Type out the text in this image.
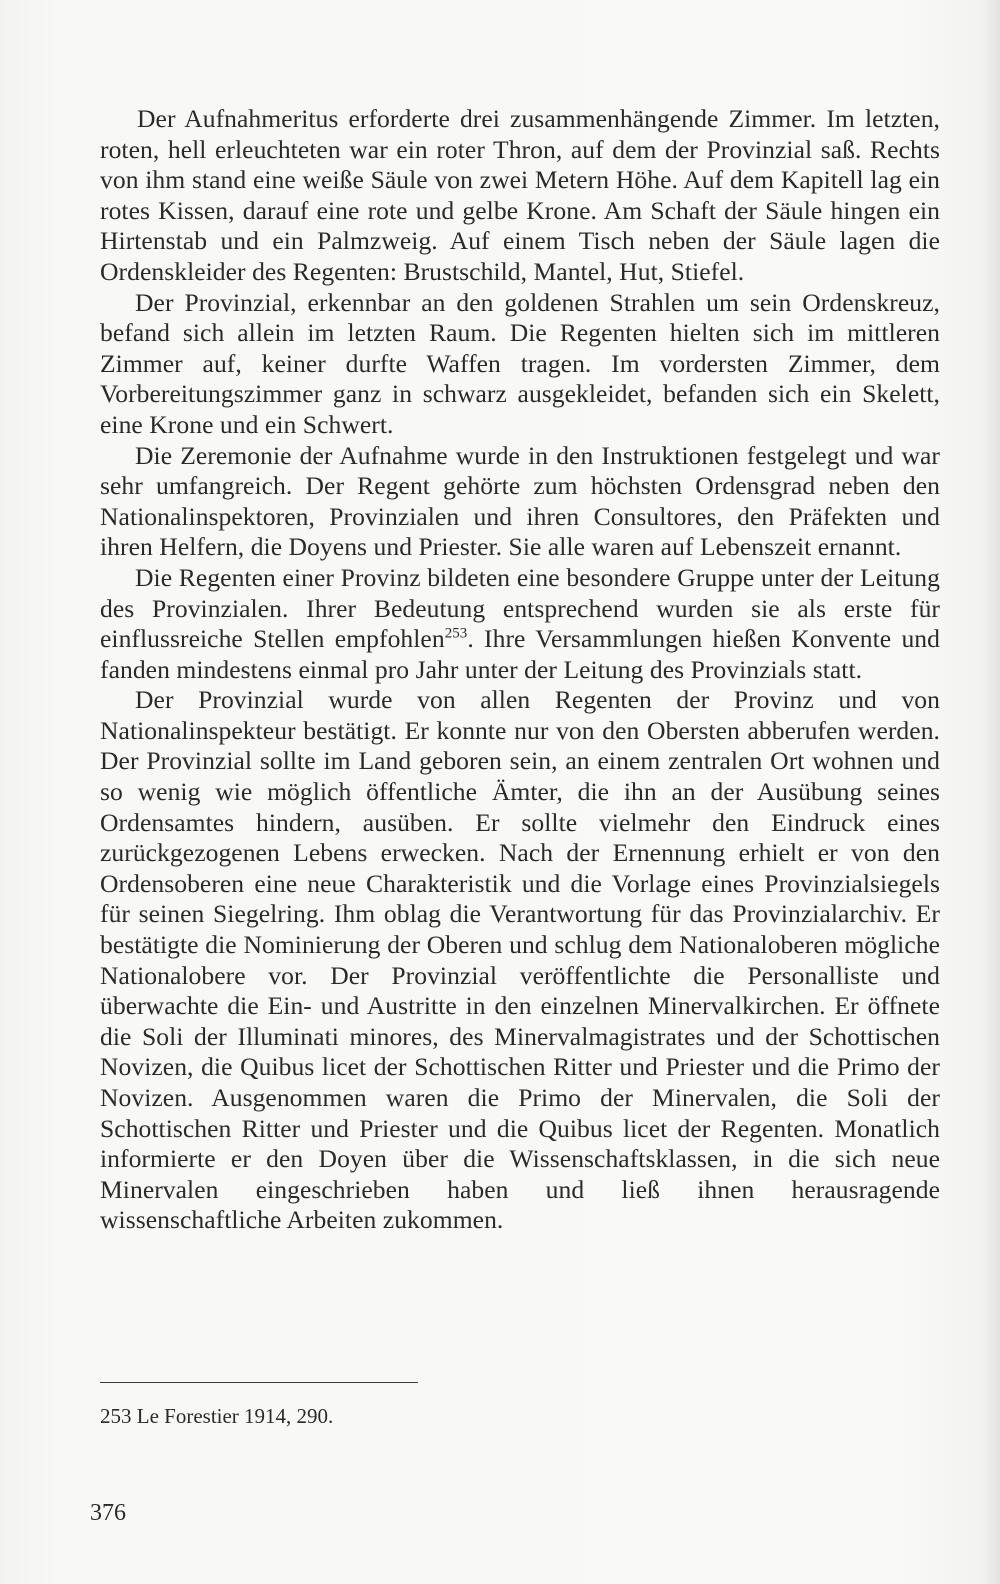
Der Aufnahmeritus erforderte drei zusammenhängende Zimmer. Im letzten, roten, hell erleuchteten war ein roter Thron, auf dem der Provinzial saß. Rechts von ihm stand eine weiße Säule von zwei Metern Höhe. Auf dem Kapitell lag ein rotes Kissen, darauf eine rote und gelbe Krone. Am Schaft der Säule hingen ein Hirtenstab und ein Palmzweig. Auf einem Tisch neben der Säule lagen die Ordenskleider des Regenten: Brustschild, Mantel, Hut, Stiefel.

Der Provinzial, erkennbar an den goldenen Strahlen um sein Ordenskreuz, befand sich allein im letzten Raum. Die Regenten hielten sich im mittleren Zimmer auf, keiner durfte Waffen tragen. Im vordersten Zimmer, dem Vorbereitungszimmer ganz in schwarz ausgekleidet, befanden sich ein Skelett, eine Krone und ein Schwert.

Die Zeremonie der Aufnahme wurde in den Instruktionen festgelegt und war sehr umfangreich. Der Regent gehörte zum höchsten Ordensgrad neben den Nationalinspektoren, Provinzialen und ihren Consultores, den Präfekten und ihren Helfern, die Doyens und Priester. Sie alle waren auf Lebenszeit ernannt.

Die Regenten einer Provinz bildeten eine besondere Gruppe unter der Leitung des Provinzialen. Ihrer Bedeutung entsprechend wurden sie als erste für einflussreiche Stellen empfohlen$^{253}$. Ihre Versammlungen hießen Konvente und fanden mindestens einmal pro Jahr unter der Leitung des Provinzials statt.

Der Provinzial wurde von allen Regenten der Provinz und von Nationalinspekteur bestätigt. Er konnte nur von den Obersten abberufen werden. Der Provinzial sollte im Land geboren sein, an einem zentralen Ort wohnen und so wenig wie möglich öffentliche Ämter, die ihn an der Ausübung seines Ordensamtes hindern, ausüben. Er sollte vielmehr den Eindruck eines zurückgezogenen Lebens erwecken. Nach der Ernennung erhielt er von den Ordensoberen eine neue Charakteristik und die Vorlage eines Provinzialsiegels für seinen Siegelring. Ihm oblag die Verantwortung für das Provinzialarchiv. Er bestätigte die Nominierung der Oberen und schlug dem Nationaloberen mögliche Nationalobere vor. Der Provinzial veröffentlichte die Personalliste und überwachte die Ein- und Austritte in den einzelnen Minervalkirchen. Er öffnete die Soli der Illuminati minores, des Minervalmagistrates und der Schottischen Novizen, die Quibus licet der Schottischen Ritter und Priester und die Primo der Novizen. Ausgenommen waren die Primo der Minervalen, die Soli der Schottischen Ritter und Priester und die Quibus licet der Regenten. Monatlich informierte er den Doyen über die Wissenschaftsklassen, in die sich neue Minervalen eingeschrieben haben und ließ ihnen herausragende wissenschaftliche Arbeiten zukommen.

253 Le Forestier 1914, 290.
376
